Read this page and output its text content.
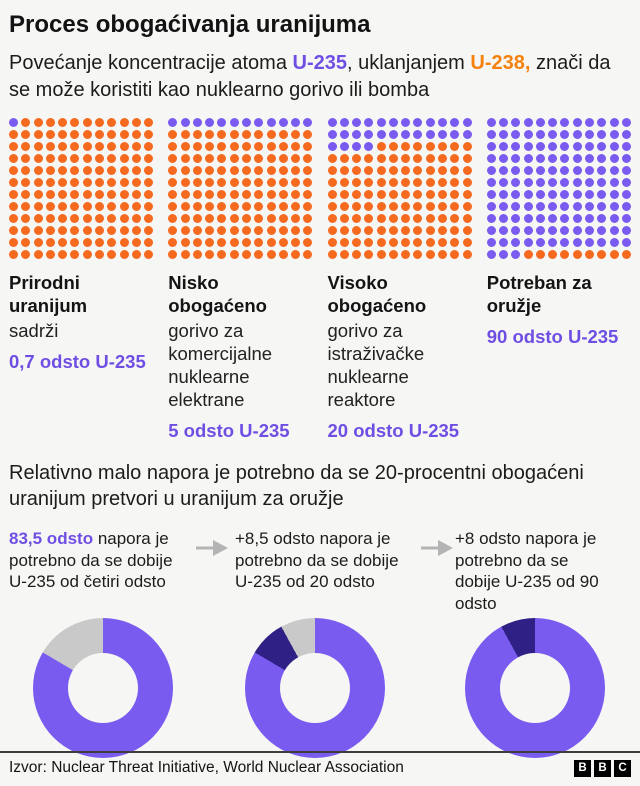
Proces obogaćivanja uranijuma

Povećanje koncentracije atoma U-235, uklanjanjem U-238, znači da se može koristiti kao nuklearno gorivo ili bomba

Prirodni uranijum
sadrži
0,7 odsto U-235
Nisko obogaćeno
gorivo za komercijalne nuklearne elektrane
5 odsto U-235
Visoko obogaćeno
gorivo za istraživačke nuklearne reaktore
20 odsto U-235
Potreban za oružje
90 odsto U-235

Relativno malo napora je potrebno da se 20-procentni obogaćeni uranijum pretvori u uranijum za oružje

83,5 odsto napora je potrebno da se dobije U-235 od četiri odsto
+8,5 odsto napora je potrebno da se dobije U-235 od 20 odsto
+8 odsto napora je potrebno da se dobije U-235 od 90 odsto
Izvor: Nuclear Threat Initiative, World Nuclear Association	B	B	C
